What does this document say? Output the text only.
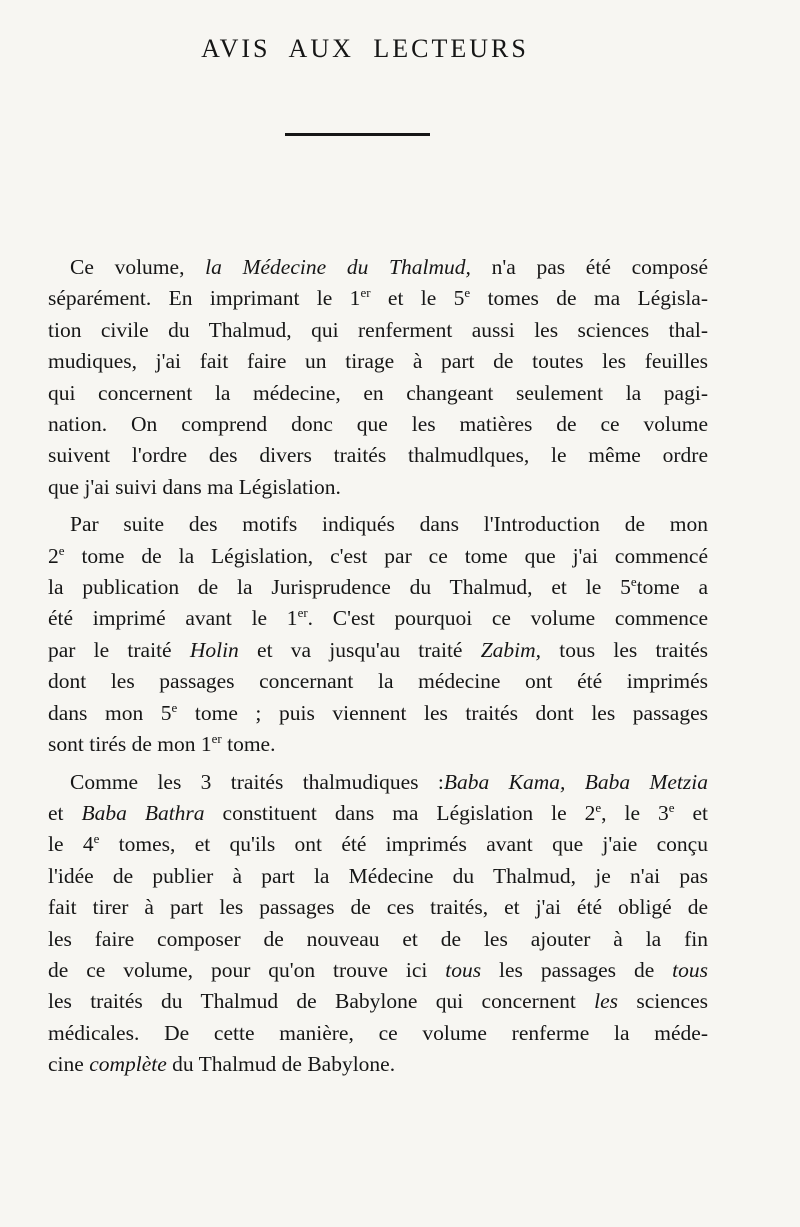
AVIS AUX LECTEURS
Ce volume, la Médecine du Thalmud, n'a pas été composé
séparément. En imprimant le 1er et le 5e tomes de ma Législa-
tion civile du Thalmud, qui renferment aussi les sciences thal-
mudiques, j'ai fait faire un tirage à part de toutes les feuilles
qui concernent la médecine, en changeant seulement la pagi-
nation. On comprend donc que les matières de ce volume
suivent l'ordre des divers traités thalmudlques, le même ordre
que j'ai suivi dans ma Législation.
Par suite des motifs indiqués dans l'Introduction de mon
2e tome de la Législation, c'est par ce tome que j'ai commencé
la publication de la Jurisprudence du Thalmud, et le 5etome a
été imprimé avant le 1er. C'est pourquoi ce volume commence
par le traité Holin et va jusqu'au traité Zabim, tous les traités
dont les passages concernant la médecine ont été imprimés
dans mon 5e tome ; puis viennent les traités dont les passages
sont tirés de mon 1er tome.
Comme les 3 traités thalmudiques :Baba Kama, Baba Metzia
et Baba Bathra constituent dans ma Législation le 2e, le 3e et
le 4e tomes, et qu'ils ont été imprimés avant que j'aie conçu
l'idée de publier à part la Médecine du Thalmud, je n'ai pas
fait tirer à part les passages de ces traités, et j'ai été obligé de
les faire composer de nouveau et de les ajouter à la fin
de ce volume, pour qu'on trouve ici tous les passages de tous
les traités du Thalmud de Babylone qui concernent les sciences
médicales. De cette manière, ce volume renferme la méde-
cine complète du Thalmud de Babylone.
